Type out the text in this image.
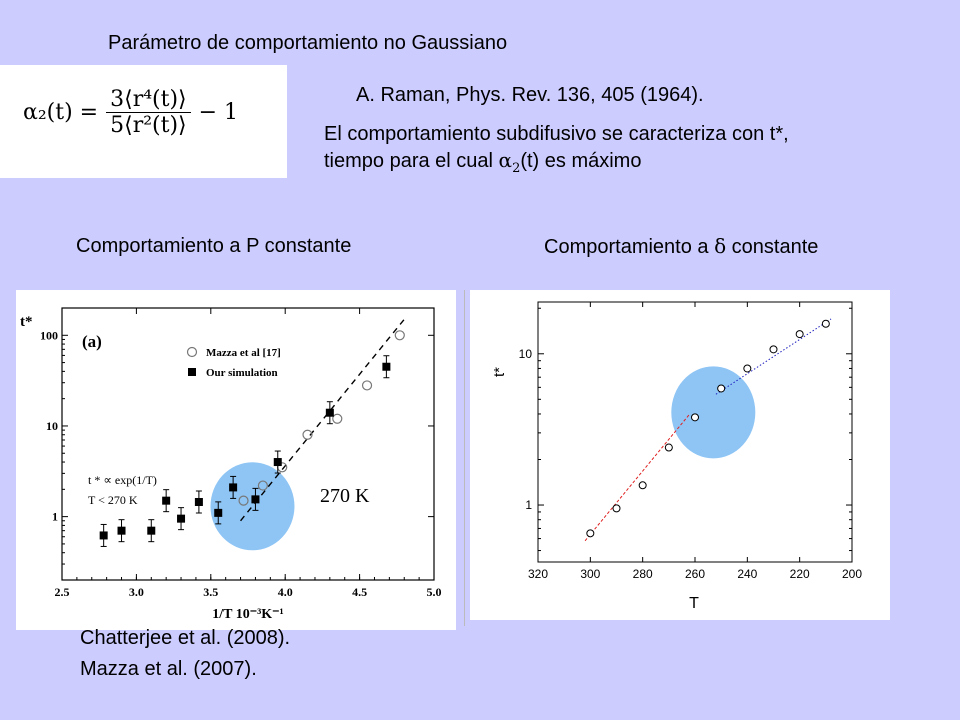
Parámetro de comportamiento no Gaussiano
α₂(t) =	3⟨r⁴(t)⟩	− 1
5⟨r²(t)⟩
A. Raman, Phys. Rev. 136, 405 (1964).
El comportamiento subdifusivo se caracteriza con t*,
tiempo para el cual $\alpha_2(t)$ es máximo
Comportamiento a P constante	Comportamiento a δ constante
2.5	3.0	3.5	4.0	4.5	5.0
1
10
100
t*
1/T 10⁻³K⁻¹
(a)
Mazza et al [17]
Our simulation
t * ∝ exp(1/T)
T < 270 K	270 K
320	300	280	260	240	220	200
1
10
t*
T
Chatterjee et al. (2008).
Mazza et al. (2007).
